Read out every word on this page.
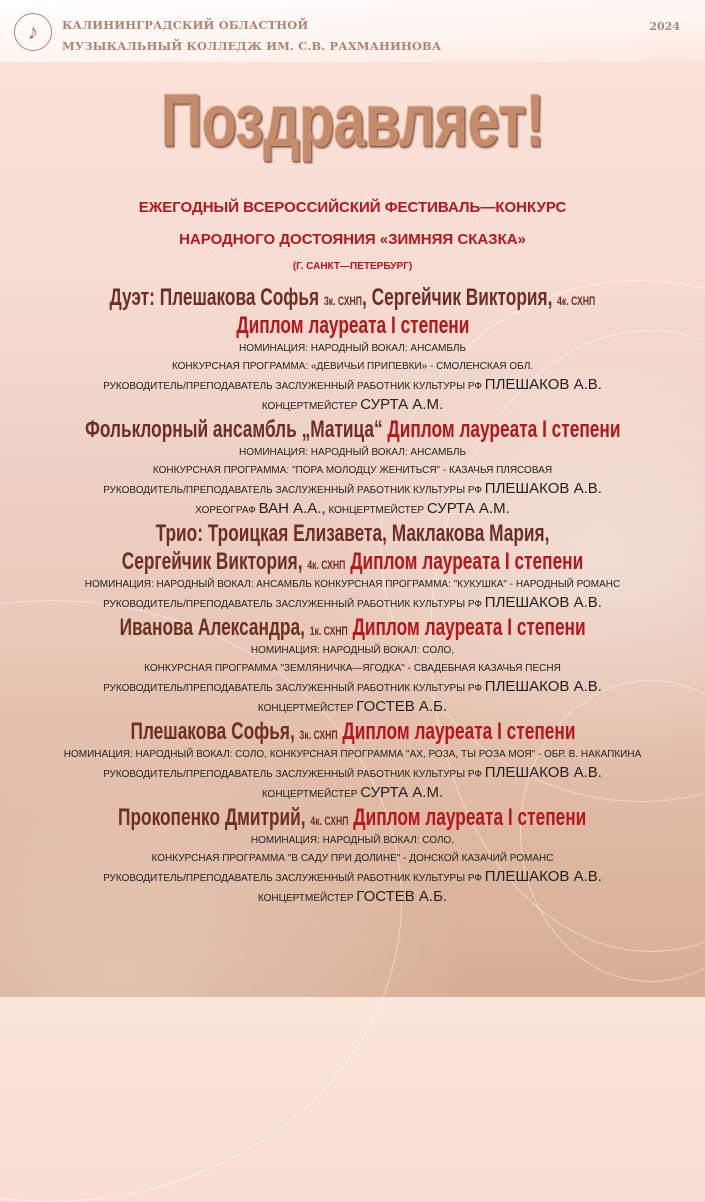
♪	КАЛИНИНГРАДСКИЙ ОБЛАСТНОЙ
МУЗЫКАЛЬНЫЙ КОЛЛЕДЖ ИМ. С.В. РАХМАНИНОВА
2024
Поздравляет!
ЕЖЕГОДНЫЙ ВСЕРОССИЙСКИЙ ФЕСТИВАЛЬ—КОНКУРС
НАРОДНОГО ДОСТОЯНИЯ «ЗИМНЯЯ СКАЗКА»
(Г. САНКТ—ПЕТЕРБУРГ)
Дуэт: Плешакова Софья 3к. СХНП, Сергейчик Виктория, 4к. СХНП
Диплом лауреата I степени
НОМИНАЦИЯ: НАРОДНЫЙ ВОКАЛ: АНСАМБЛЬ
КОНКУРСНАЯ ПРОГРАММА: «ДЕВИЧЬИ ПРИПЕВКИ» - СМОЛЕНСКАЯ ОБЛ.
РУКОВОДИТЕЛЬ/ПРЕПОДАВАТЕЛЬ ЗАСЛУЖЕННЫЙ РАБОТНИК КУЛЬТУРЫ РФ ПЛЕШАКОВ А.В.
КОНЦЕРТМЕЙСТЕР СУРТА А.М.
Фольклорный ансамбль „Матица“ Диплом лауреата I степени
НОМИНАЦИЯ: НАРОДНЫЙ ВОКАЛ: АНСАМБЛЬ
КОНКУРСНАЯ ПРОГРАММА: "ПОРА МОЛОДЦУ ЖЕНИТЬСЯ" - КАЗАЧЬЯ ПЛЯСОВАЯ
РУКОВОДИТЕЛЬ/ПРЕПОДАВАТЕЛЬ ЗАСЛУЖЕННЫЙ РАБОТНИК КУЛЬТУРЫ РФ ПЛЕШАКОВ А.В.
ХОРЕОГРАФ ВАН А.А., КОНЦЕРТМЕЙСТЕР СУРТА А.М.
Трио: Троицкая Елизавета, Маклакова Мария,
Сергейчик Виктория, 4к. СХНП Диплом лауреата I степени
НОМИНАЦИЯ: НАРОДНЫЙ ВОКАЛ: АНСАМБЛЬ КОНКУРСНАЯ ПРОГРАММА: "КУКУШКА" - НАРОДНЫЙ РОМАНС
РУКОВОДИТЕЛЬ/ПРЕПОДАВАТЕЛЬ ЗАСЛУЖЕННЫЙ РАБОТНИК КУЛЬТУРЫ РФ ПЛЕШАКОВ А.В.
Иванова Александра, 1к. СХНП Диплом лауреата I степени
НОМИНАЦИЯ: НАРОДНЫЙ ВОКАЛ: СОЛО,
КОНКУРСНАЯ ПРОГРАММА "ЗЕМЛЯНИЧКА—ЯГОДКА" - СВАДЕБНАЯ КАЗАЧЬЯ ПЕСНЯ
РУКОВОДИТЕЛЬ/ПРЕПОДАВАТЕЛЬ ЗАСЛУЖЕННЫЙ РАБОТНИК КУЛЬТУРЫ РФ ПЛЕШАКОВ А.В.
КОНЦЕРТМЕЙСТЕР ГОСТЕВ А.Б.
Плешакова Софья, 3к. СХНП Диплом лауреата I степени
НОМИНАЦИЯ: НАРОДНЫЙ ВОКАЛ: СОЛО, КОНКУРСНАЯ ПРОГРАММА "АХ, РОЗА, ТЫ РОЗА МОЯ" - ОБР. В. НАКАПКИНА
РУКОВОДИТЕЛЬ/ПРЕПОДАВАТЕЛЬ ЗАСЛУЖЕННЫЙ РАБОТНИК КУЛЬТУРЫ РФ ПЛЕШАКОВ А.В.
КОНЦЕРТМЕЙСТЕР СУРТА А.М.
Прокопенко Дмитрий, 4к. СХНП Диплом лауреата I степени
НОМИНАЦИЯ: НАРОДНЫЙ ВОКАЛ: СОЛО,
КОНКУРСНАЯ ПРОГРАММА "В САДУ ПРИ ДОЛИНЕ" - ДОНСКОЙ КАЗАЧИЙ РОМАНС
РУКОВОДИТЕЛЬ/ПРЕПОДАВАТЕЛЬ ЗАСЛУЖЕННЫЙ РАБОТНИК КУЛЬТУРЫ РФ ПЛЕШАКОВ А.В.
КОНЦЕРТМЕЙСТЕР ГОСТЕВ А.Б.
